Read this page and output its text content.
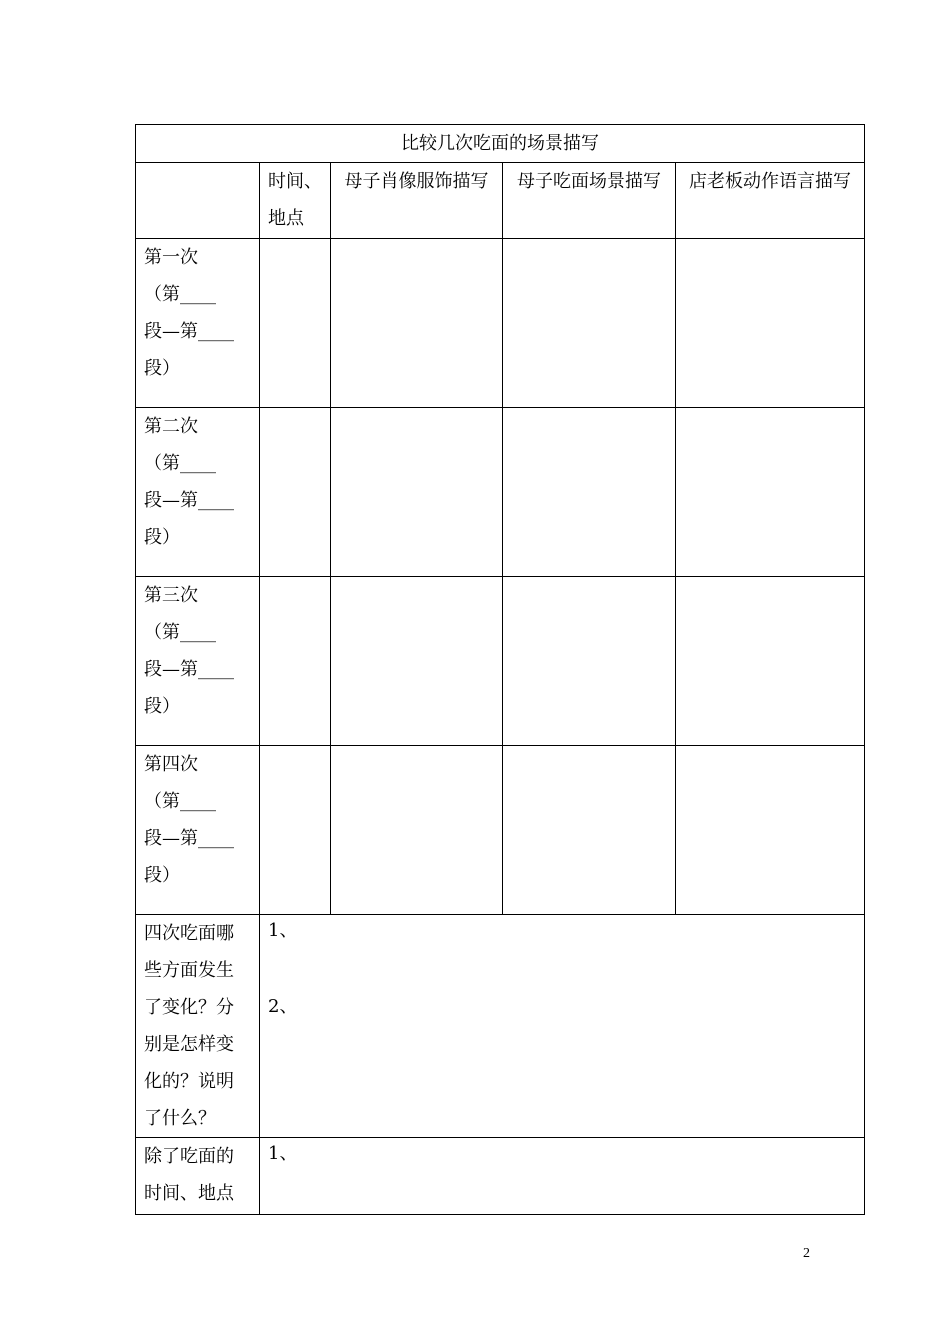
比较几次吃面的场景描写				
	时间、地点	母子肖像服饰描写	母子吃面场景描写	店老板动作语言描写

第一次
（第____
段—第____
段）				

第二次
（第____
段—第____
段）				

第三次
（第____
段—第____
段）				

第四次
（第____
段—第____
段）				

四次吃面哪些方面发生了变化？分别是怎样变化的？说明了什么？	1、
2、			

除了吃面的时间、地点	1、			
2
